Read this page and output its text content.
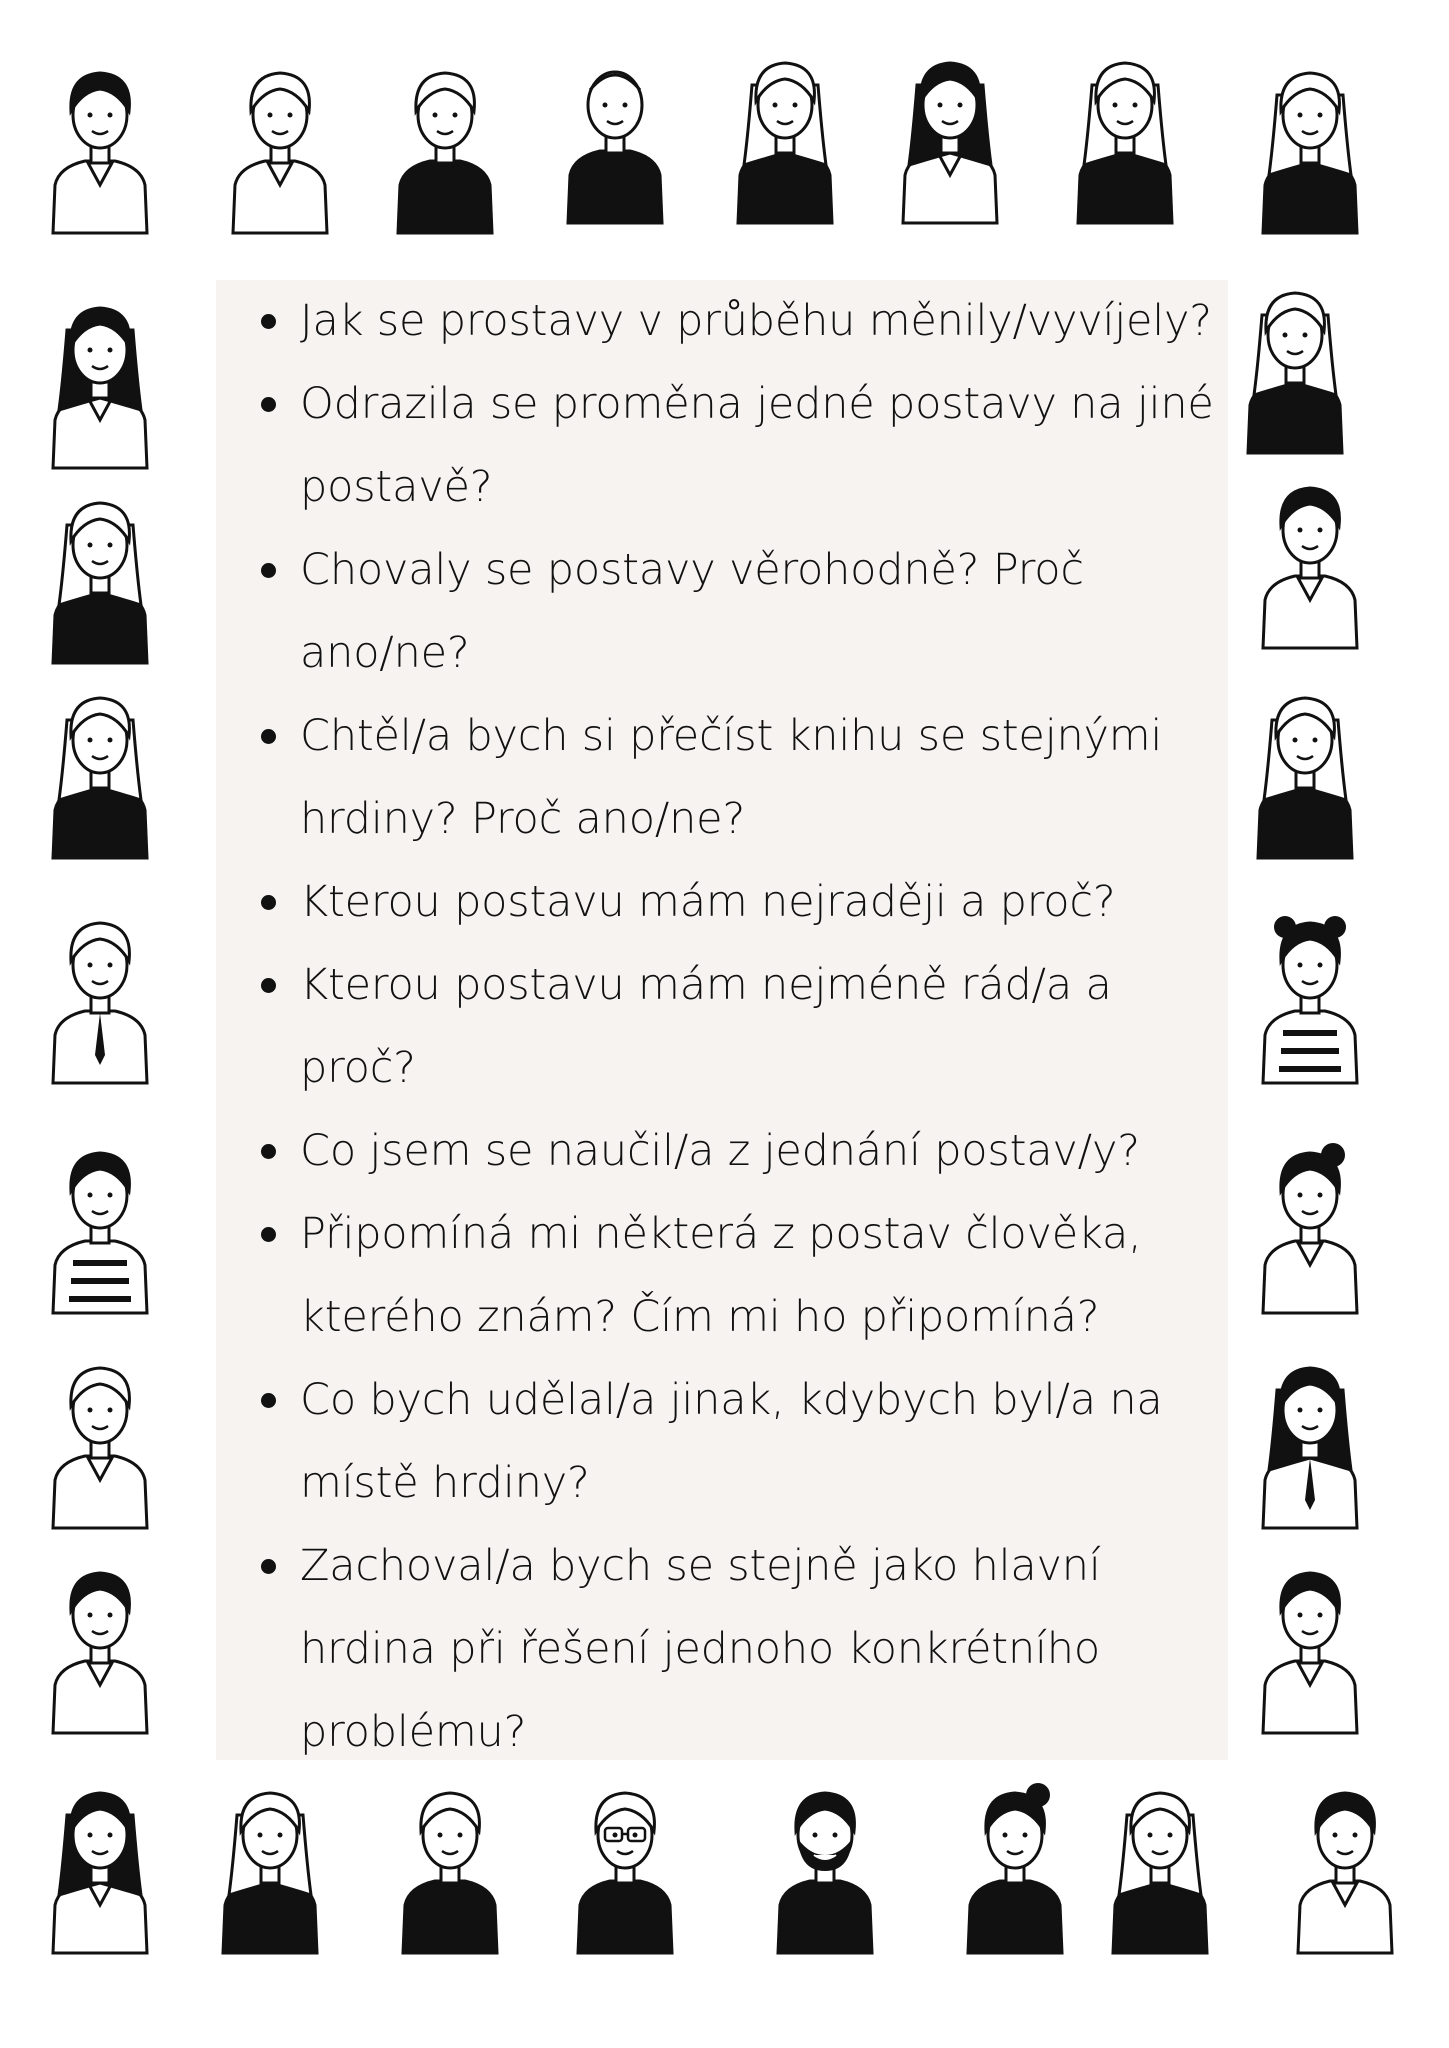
Jak se prostavy v průběhu měnily/vyvíjely?
Odrazila se proměna jedné postavy na jiné postavě?
Chovaly se postavy věrohodně? Proč ano/ne?
Chtěl/a bych si přečíst knihu se stejnými hrdiny? Proč ano/ne?
Kterou postavu mám nejraději a proč?
Kterou postavu mám nejméně rád/a a proč?
Co jsem se naučil/a z jednání postav/y?
Připomíná mi některá z postav člověka, kterého znám? Čím mi ho připomíná?
Co bych udělal/a jinak, kdybych byl/a na místě hrdiny?
Zachoval/a bych se stejně jako hlavní hrdina při řešení jednoho konkrétního problému?
